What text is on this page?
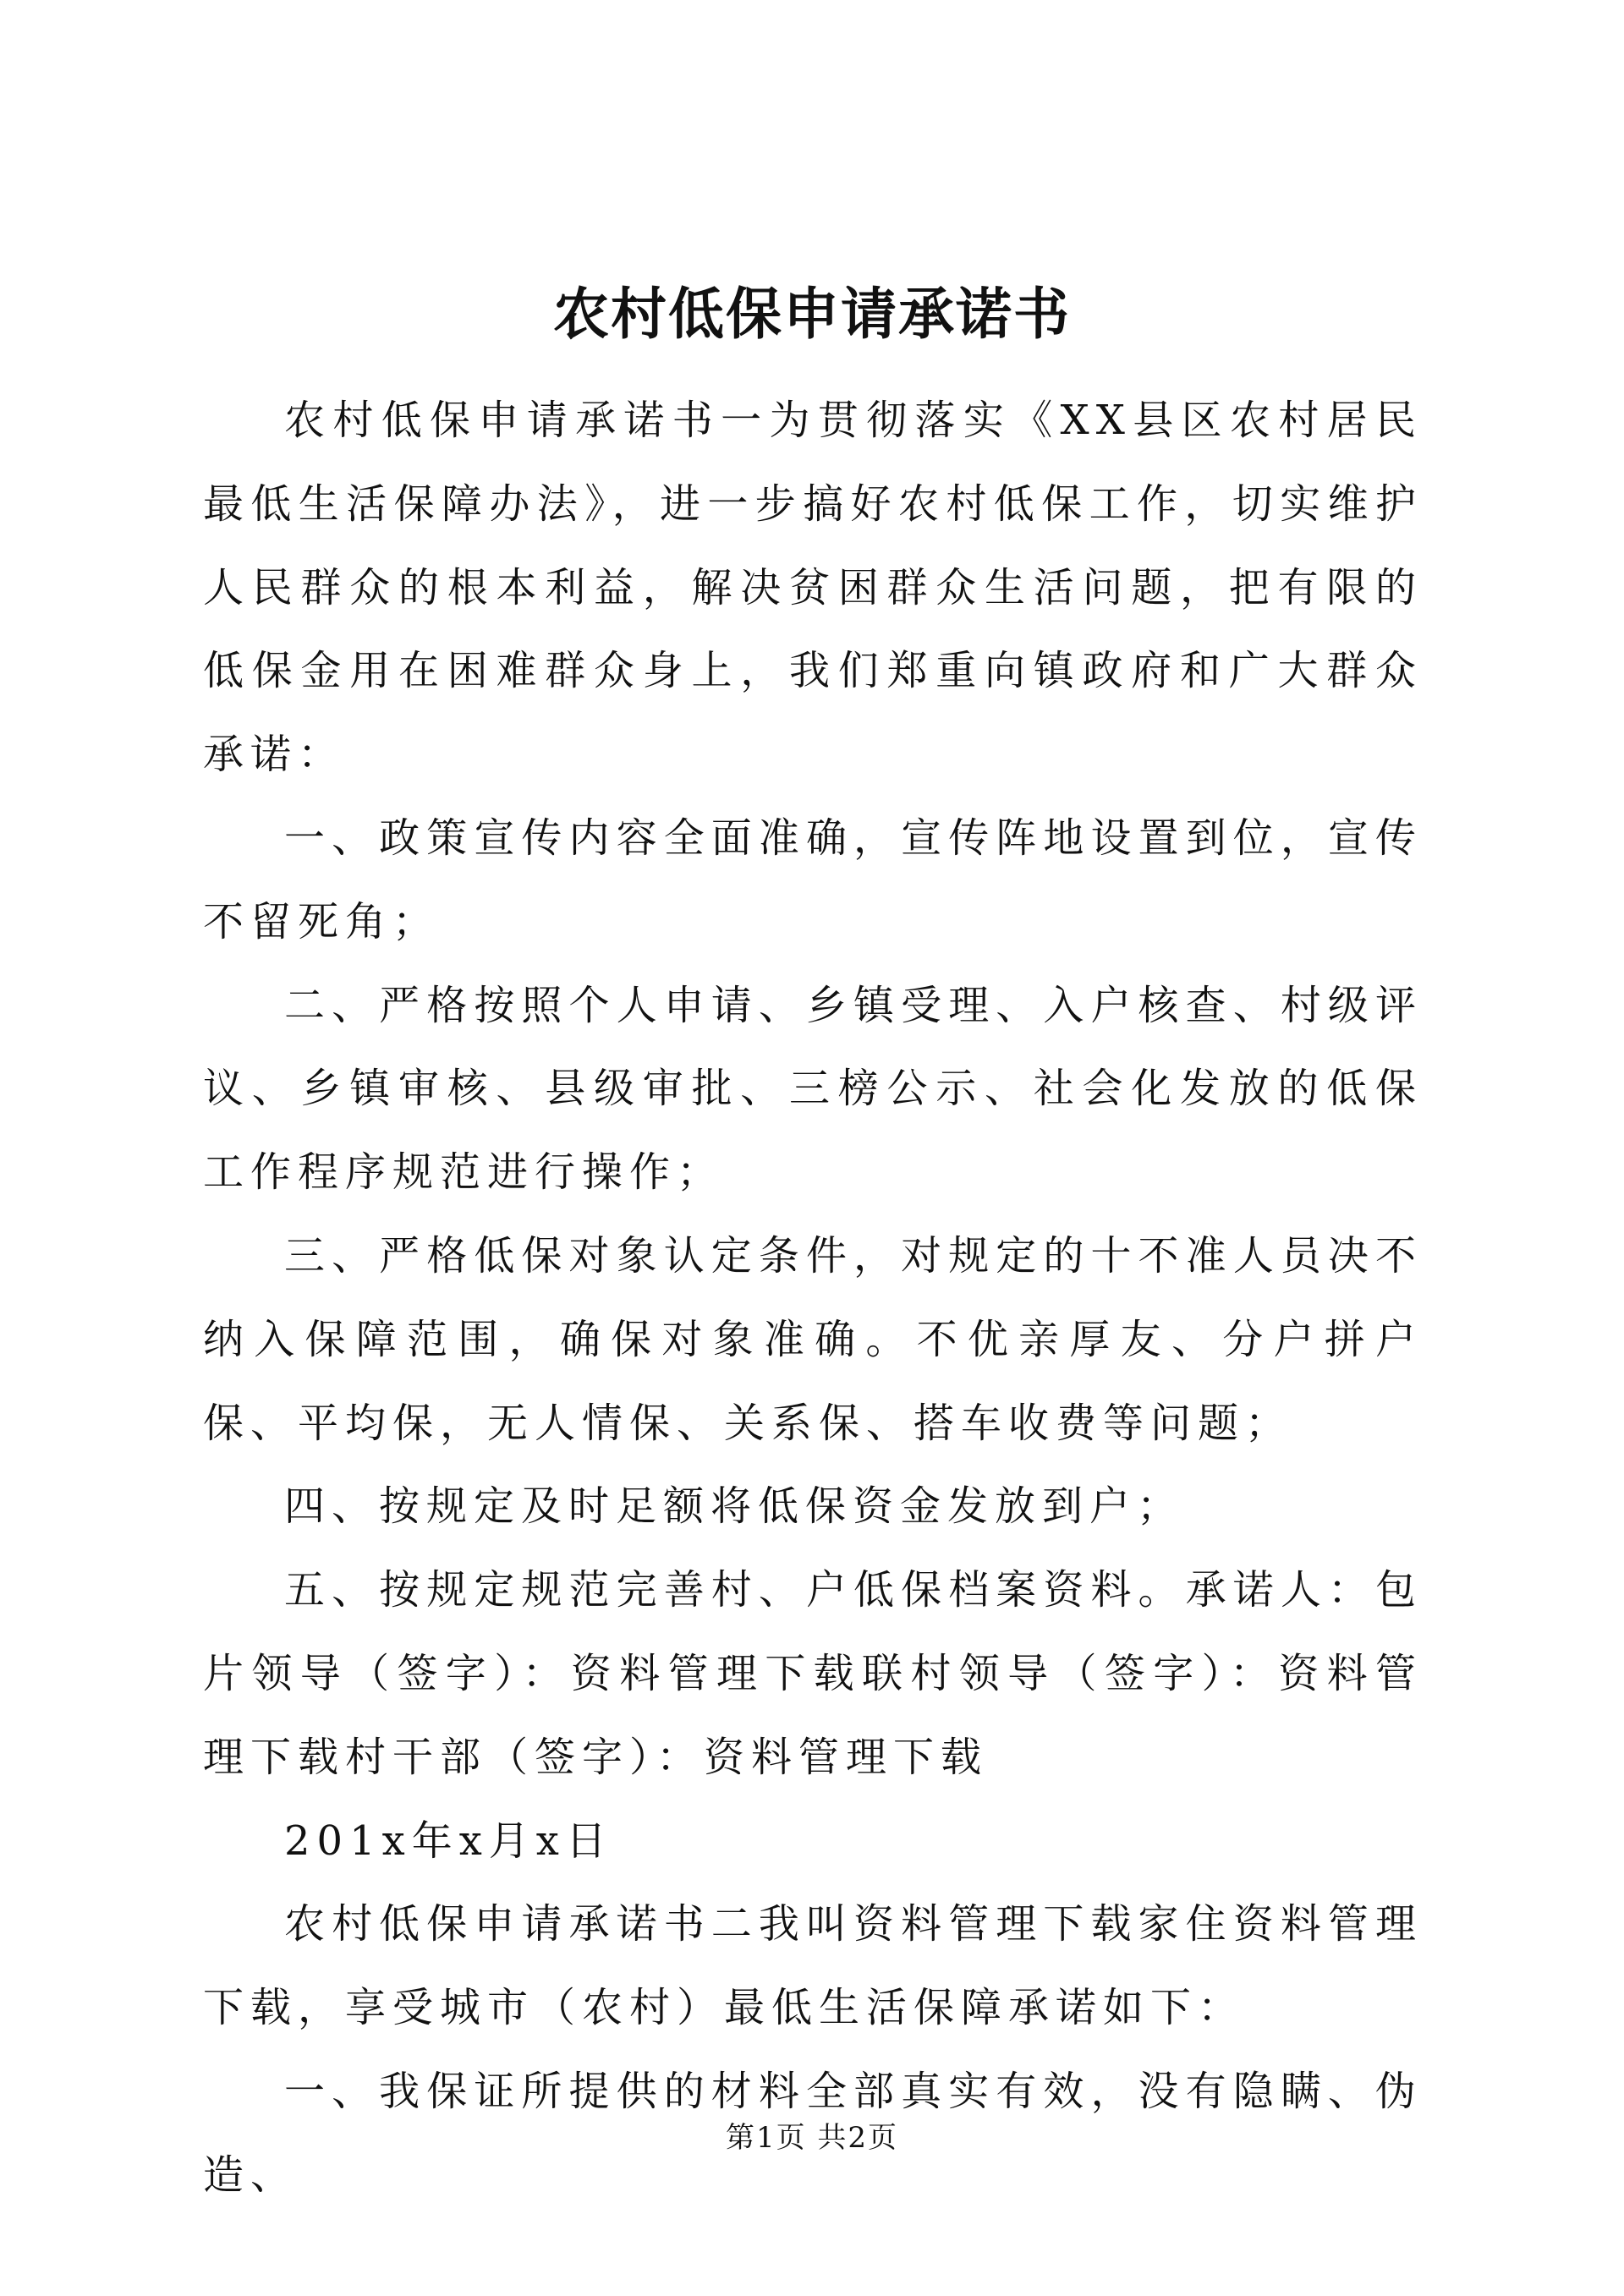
农村低保申请承诺书

农村低保申请承诺书一为贯彻落实《XX县区农村居民最低生活保障办法》，进一步搞好农村低保工作，切实维护人民群众的根本利益，解决贫困群众生活问题，把有限的低保金用在困难群众身上，我们郑重向镇政府和广大群众承诺：

一、政策宣传内容全面准确，宣传阵地设置到位，宣传不留死角；

二、严格按照个人申请、乡镇受理、入户核查、村级评议、乡镇审核、县级审批、三榜公示、社会化发放的低保工作程序规范进行操作；

三、严格低保对象认定条件，对规定的十不准人员决不纳入保障范围，确保对象准确。不优亲厚友、分户拼户保、平均保，无人情保、关系保、搭车收费等问题；

四、按规定及时足额将低保资金发放到户；

五、按规定规范完善村、户低保档案资料。承诺人：包片领导（签字）：资料管理下载联村领导（签字）：资料管理下载村干部（签字）：资料管理下载

201x年x月x日

农村低保申请承诺书二我叫资料管理下载家住资料管理下载，享受城市（农村）最低生活保障承诺如下：

一、我保证所提供的材料全部真实有效，没有隐瞒、伪造、

第1页 共2页
